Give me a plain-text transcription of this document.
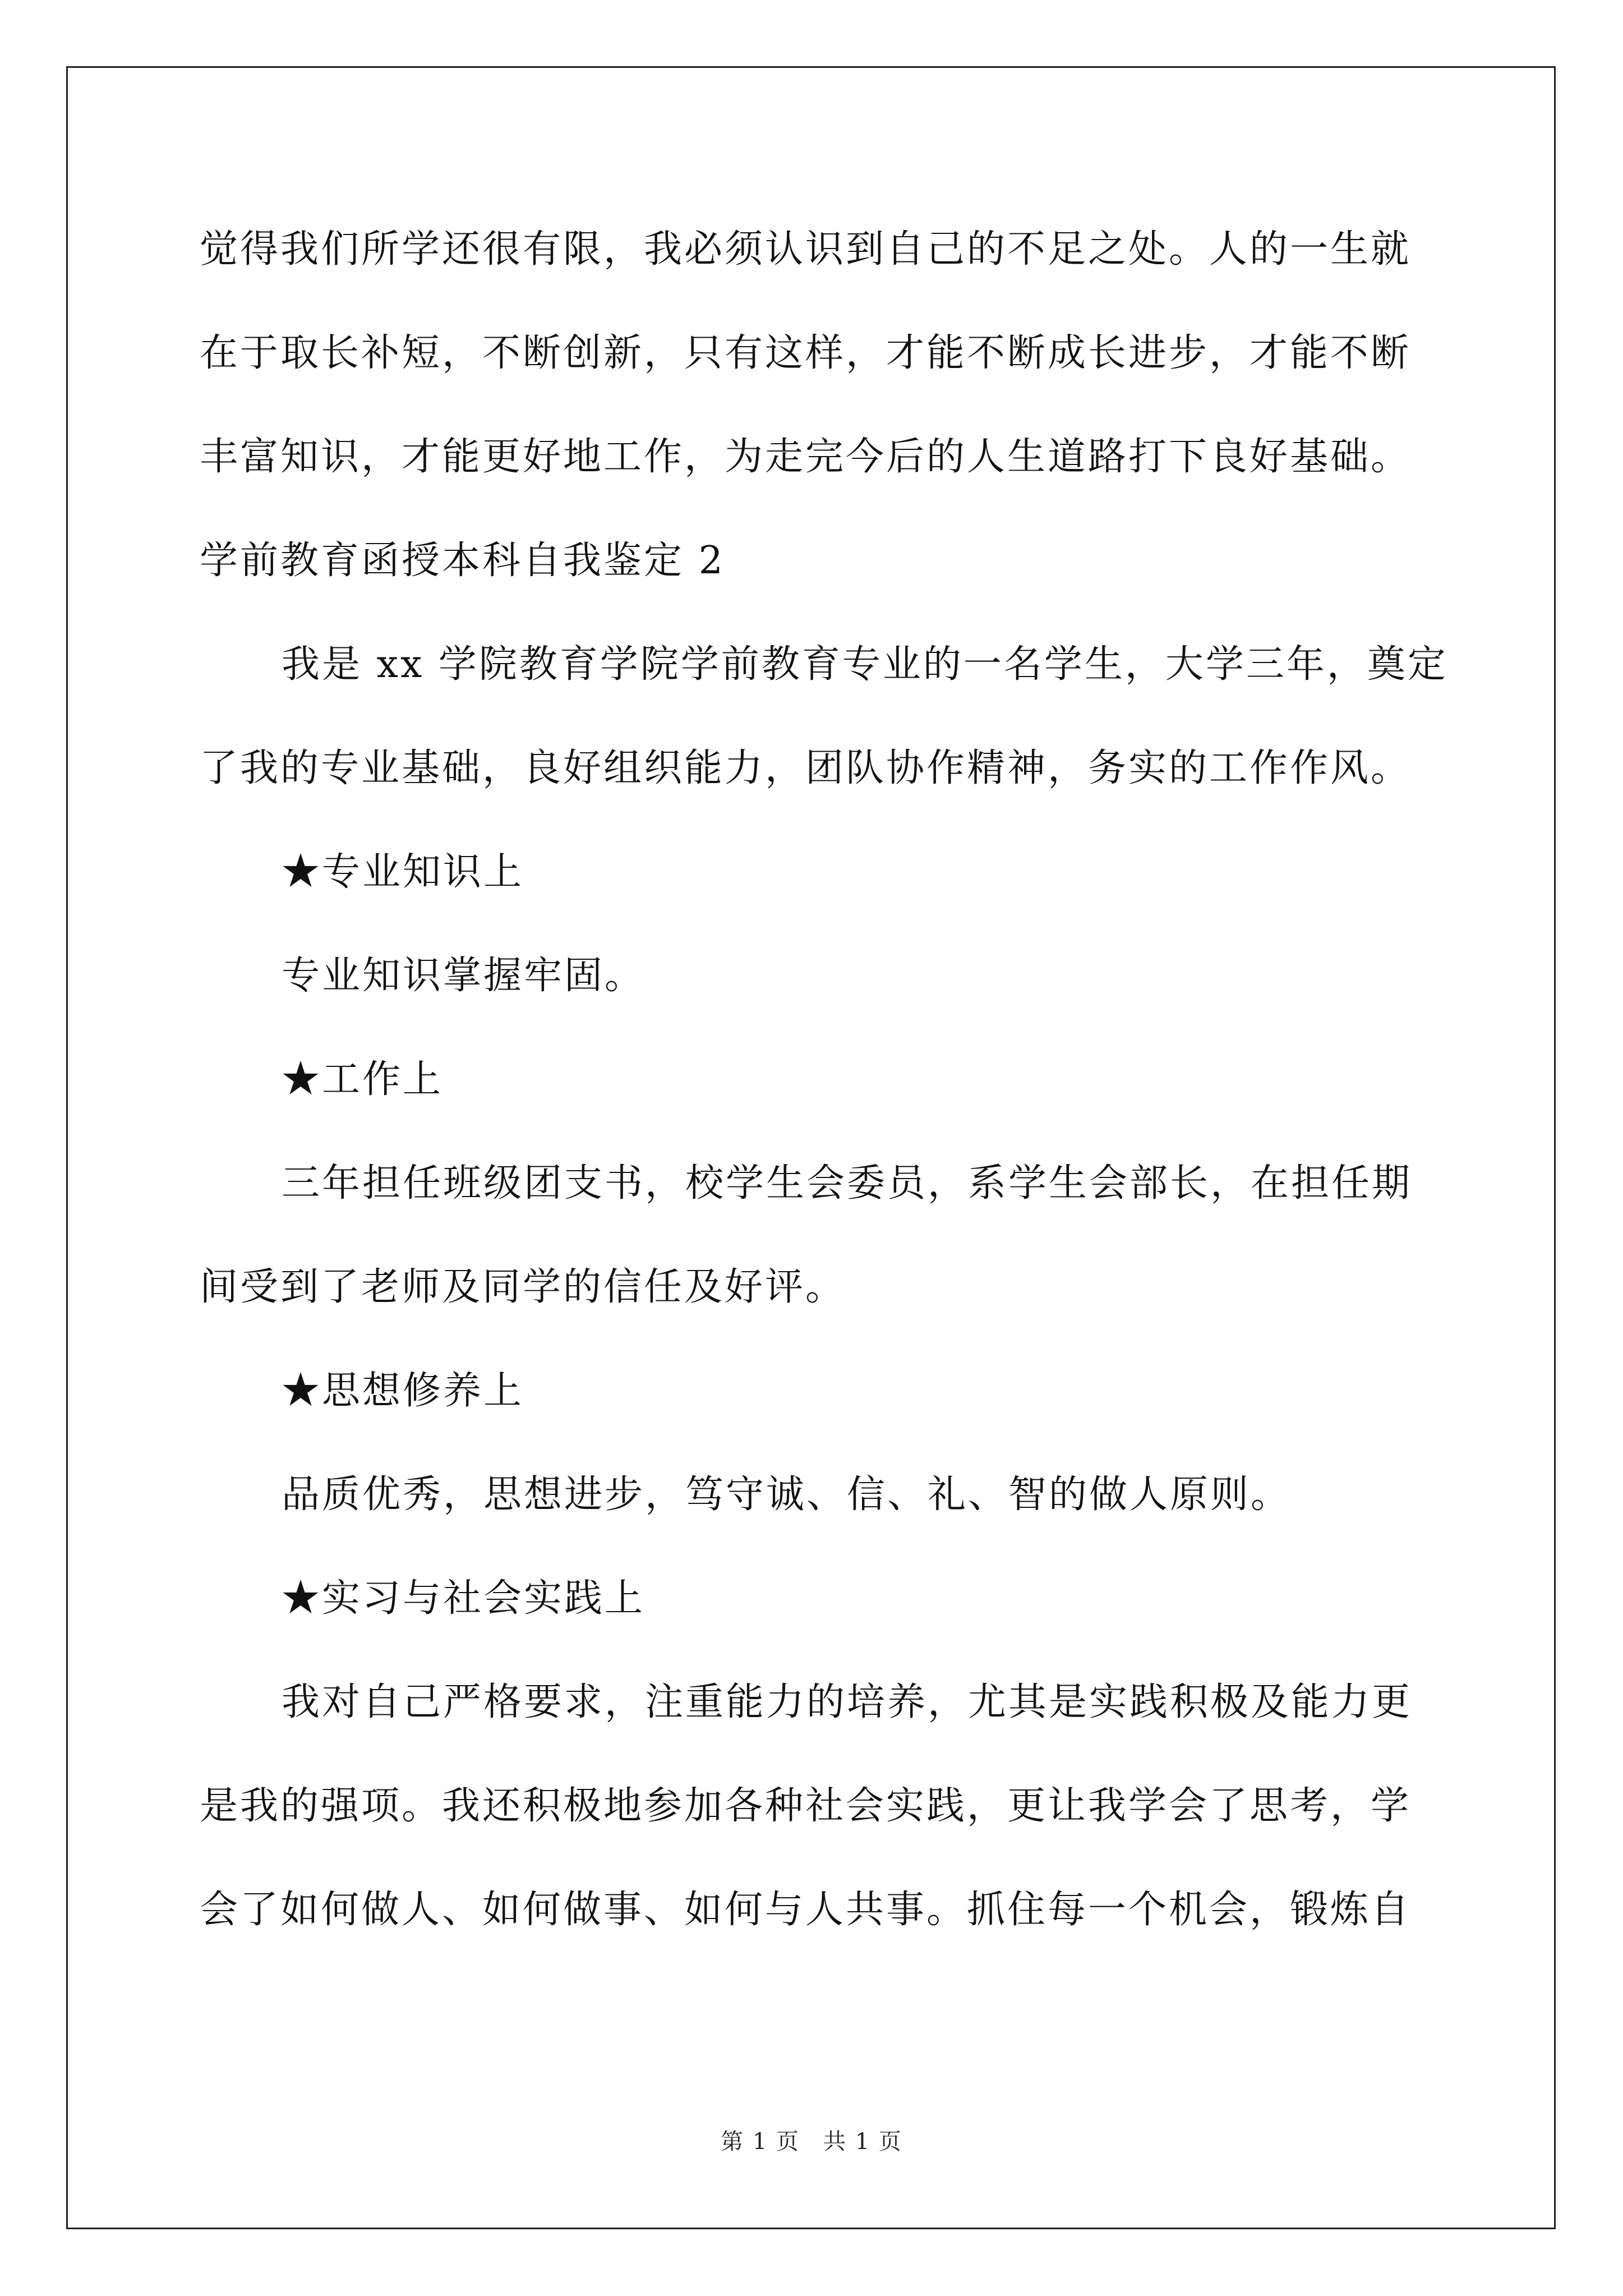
觉得我们所学还很有限，我必须认识到自己的不足之处。人的一生就
在于取长补短，不断创新，只有这样，才能不断成长进步，才能不断
丰富知识，才能更好地工作，为走完今后的人生道路打下良好基础。
学前教育函授本科自我鉴定 2
我是 xx 学院教育学院学前教育专业的一名学生，大学三年，奠定
了我的专业基础，良好组织能力，团队协作精神，务实的工作作风。
★专业知识上
专业知识掌握牢固。
★工作上
三年担任班级团支书，校学生会委员，系学生会部长，在担任期
间受到了老师及同学的信任及好评。
★思想修养上
品质优秀，思想进步，笃守诚、信、礼、智的做人原则。
★实习与社会实践上
我对自己严格要求，注重能力的培养，尤其是实践积极及能力更
是我的强项。我还积极地参加各种社会实践，更让我学会了思考，学
会了如何做人、如何做事、如何与人共事。抓住每一个机会，锻炼自
第 1 页　共 1 页
